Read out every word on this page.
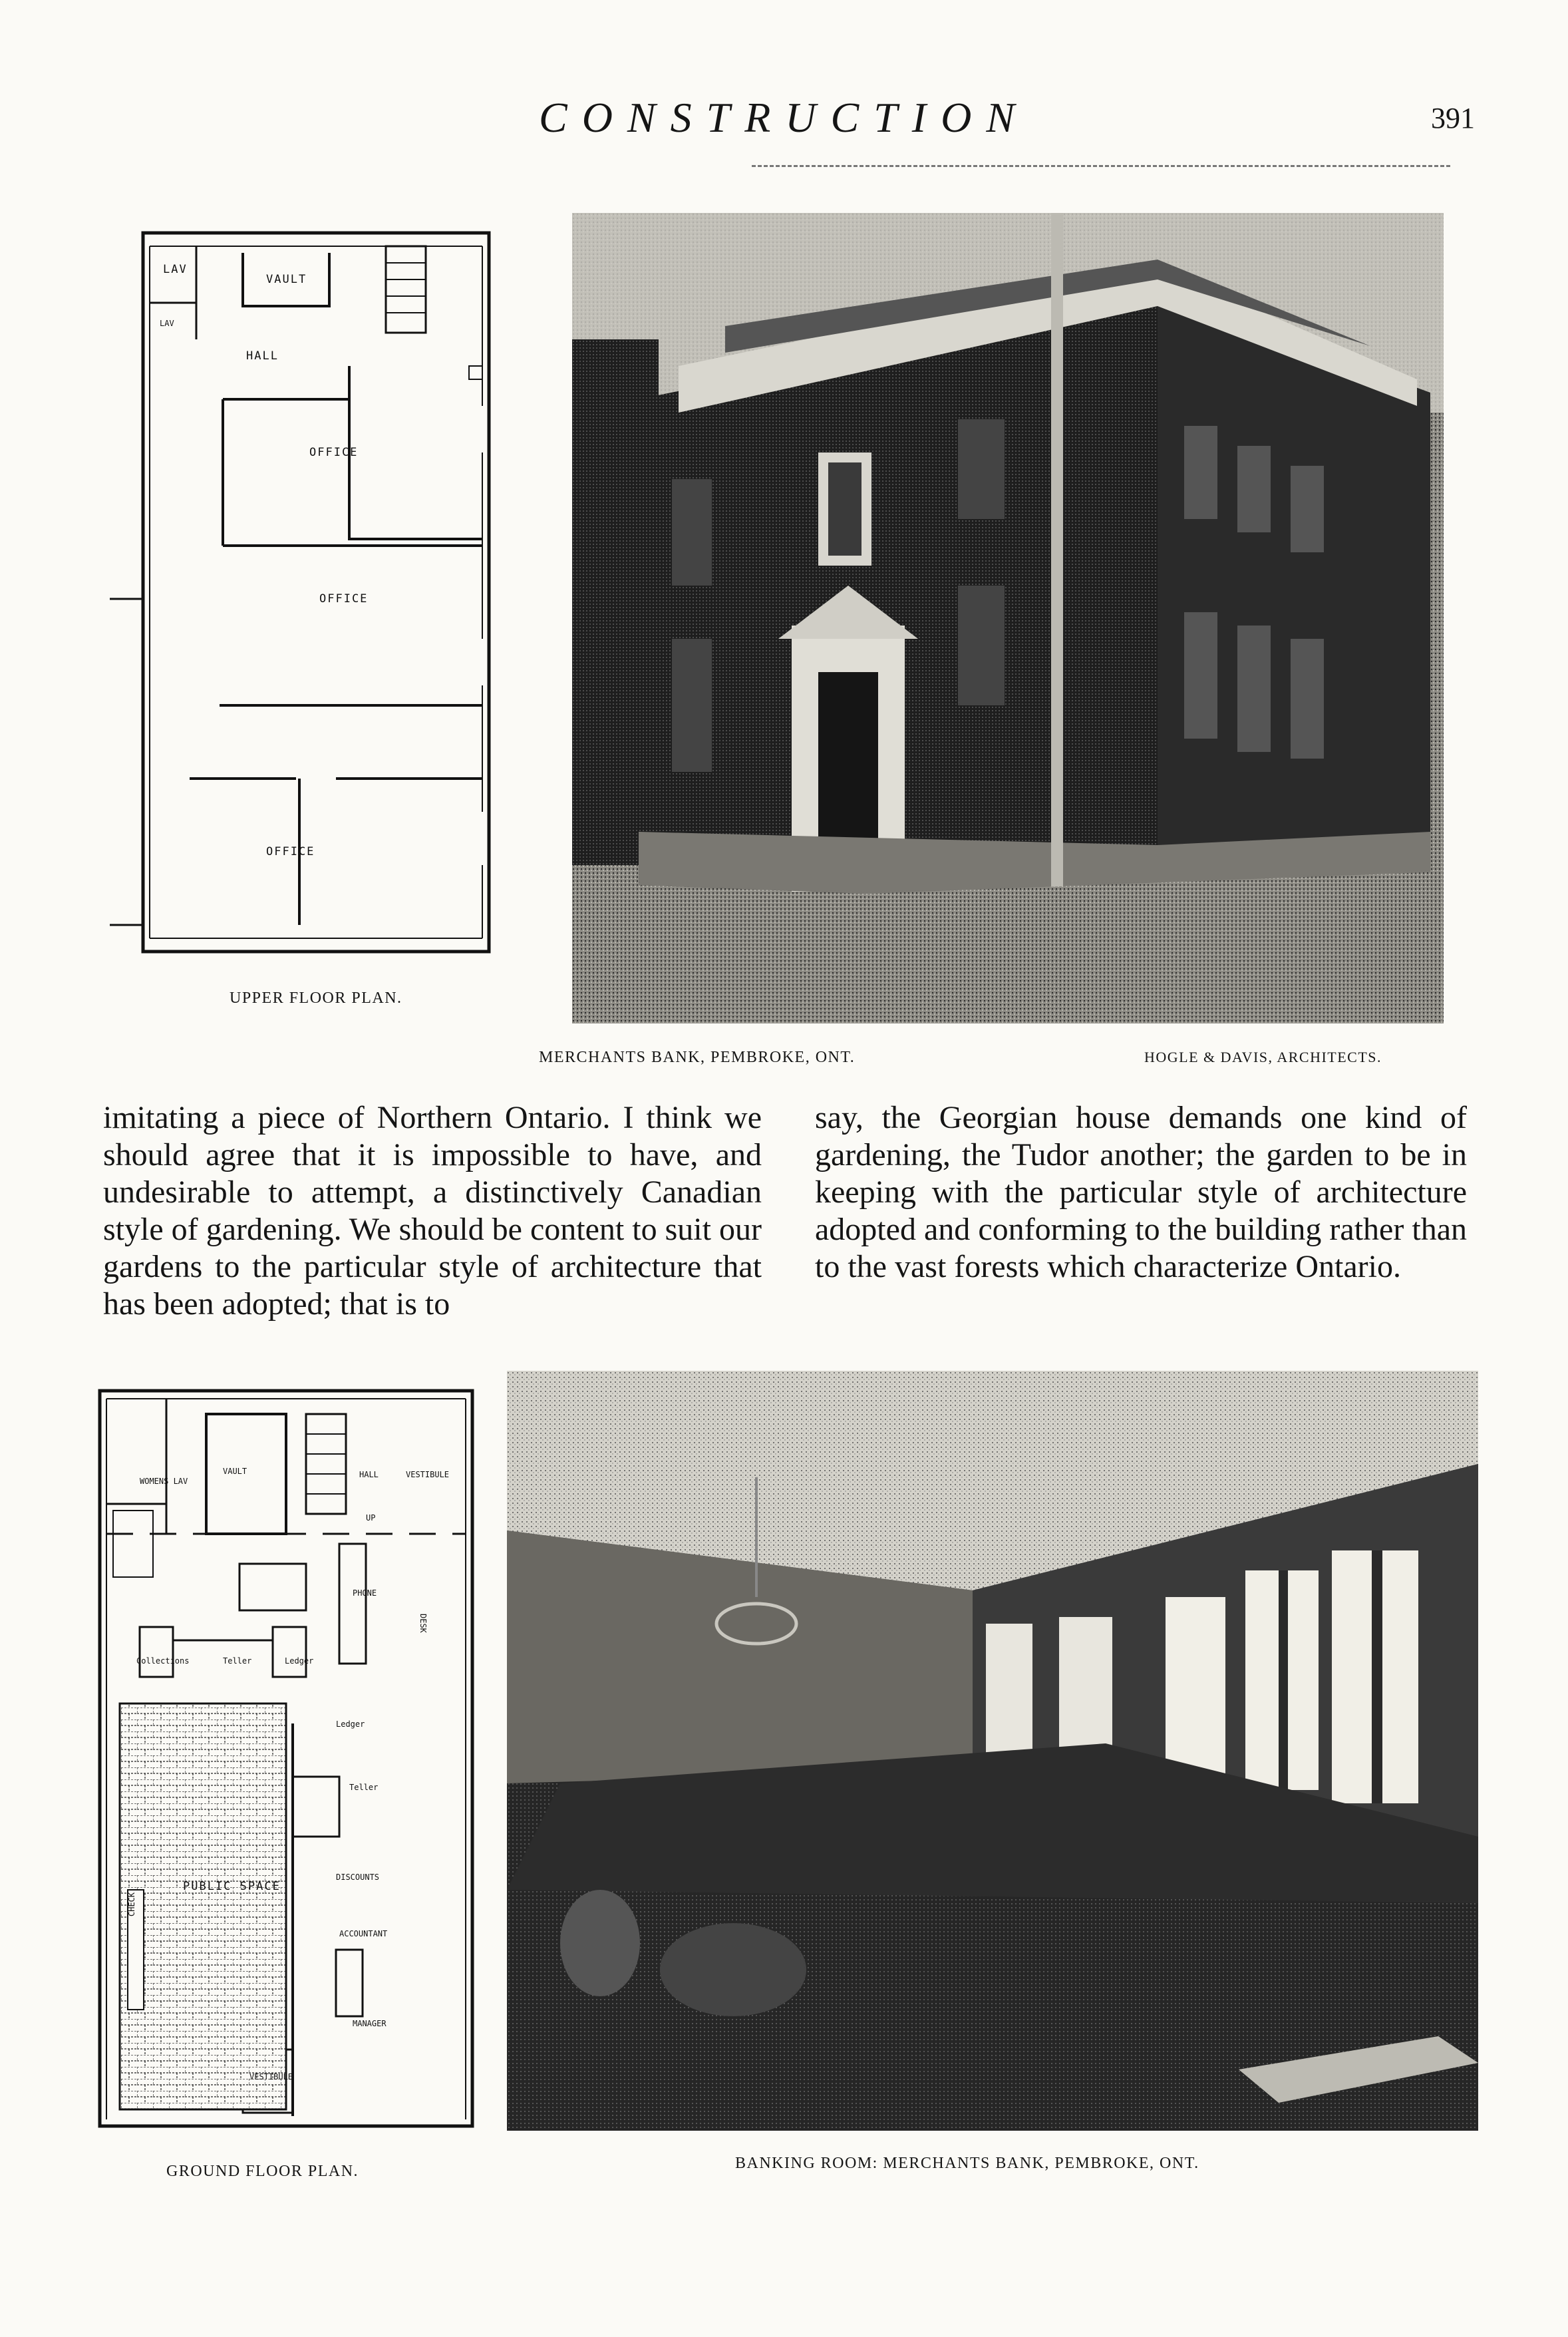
CONSTRUCTION	391
LAV
VAULT
LAV
HALL
OFFICE
OFFICE
OFFICE
UPPER FLOOR PLAN.
MERCHANTS BANK, PEMBROKE, ONT.	HOGLE & DAVIS, ARCHITECTS.
imitating a piece of Northern Ontario. I think we should agree that it is impossible to have, and undesirable to attempt, a distinctively Canadian style of gardening. We should be content to suit our gardens to the particular style of architecture that has been adopted; that is to
say, the Georgian house demands one kind of gardening, the Tudor another; the garden to be in keeping with the particular style of architecture adopted and conforming to the building rather than to the vast forests which characterize Ontario.
WOMENS LAV
VAULT	HALL	VESTIBULE
UP
PHONE
DESK
Collections	Teller	Ledger
Ledger
Teller
PUBLIC SPACE
DISCOUNTS
ACCOUNTANT
CHECK
MANAGER
VESTIBULE
GROUND FLOOR PLAN.	BANKING ROOM: MERCHANTS BANK, PEMBROKE, ONT.
